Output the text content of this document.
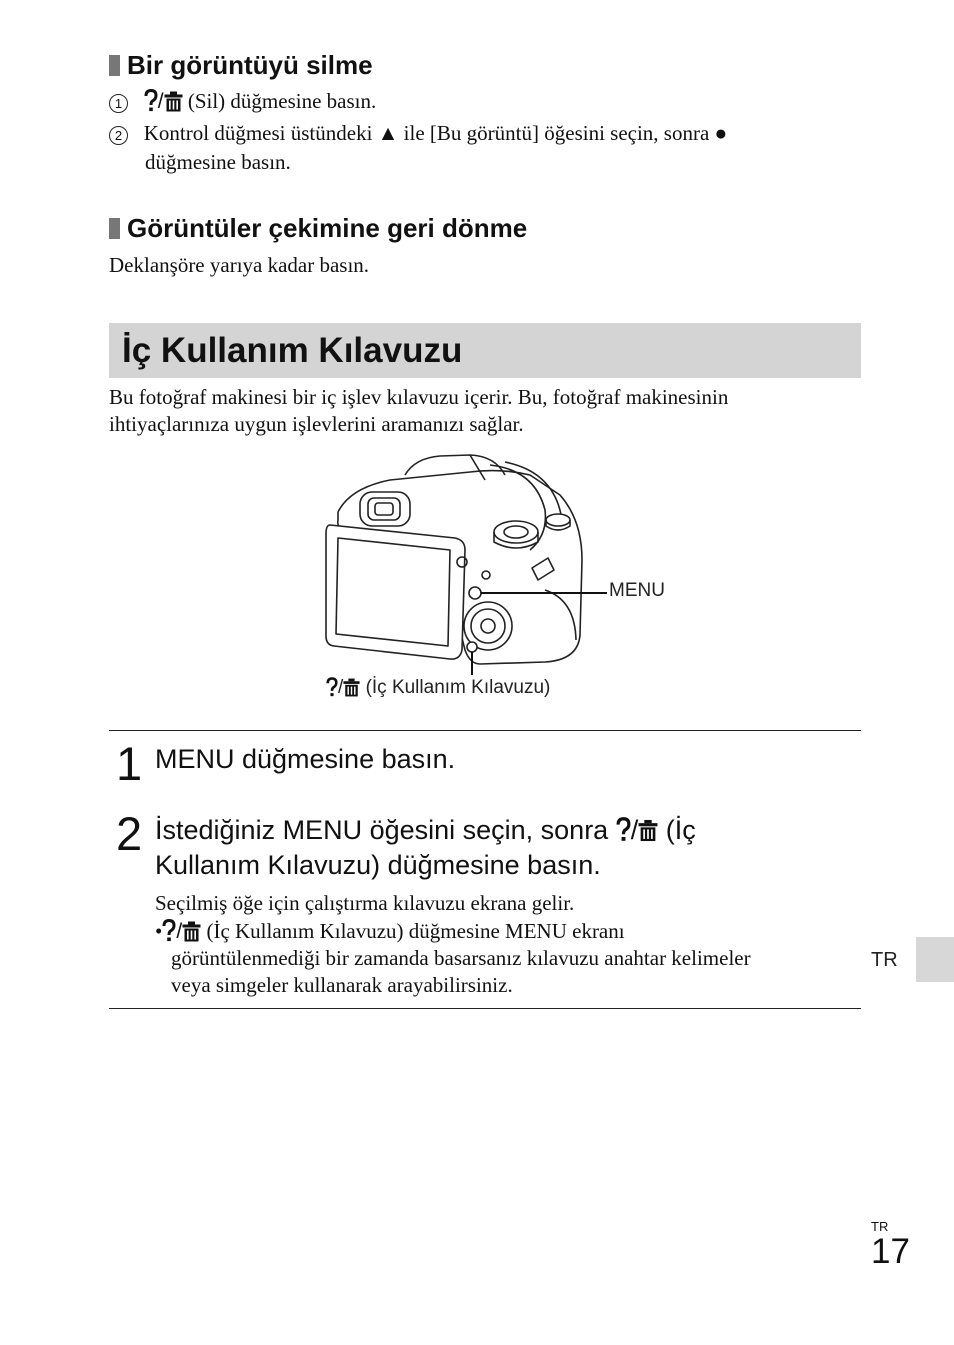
Bir görüntüyü silme
1 / (Sil) düğmesine basın.
2 Kontrol düğmesi üstündeki ▲ ile [Bu görüntü] öğesini seçin, sonra ●
düğmesine basın.
Görüntüler çekimine geri dönme
Deklanşöre yarıya kadar basın.
İç Kullanım Kılavuzu
Bu fotoğraf makinesi bir iç işlev kılavuzu içerir. Bu, fotoğraf makinesinin
ihtiyaçlarınıza uygun işlevlerini aramanızı sağlar.
MENU
/ (İç Kullanım Kılavuzu)
1 MENU düğmesine basın.
2 İstediğiniz MENU öğesini seçin, sonra / (İç
Kullanım Kılavuzu) düğmesine basın.
Seçilmiş öğe için çalıştırma kılavuzu ekrana gelir.
• / (İç Kullanım Kılavuzu) düğmesine MENU ekranı
görüntülenmediği bir zamanda basarsanız kılavuzu anahtar kelimeler
veya simgeler kullanarak arayabilirsiniz.
TR
TR
17
